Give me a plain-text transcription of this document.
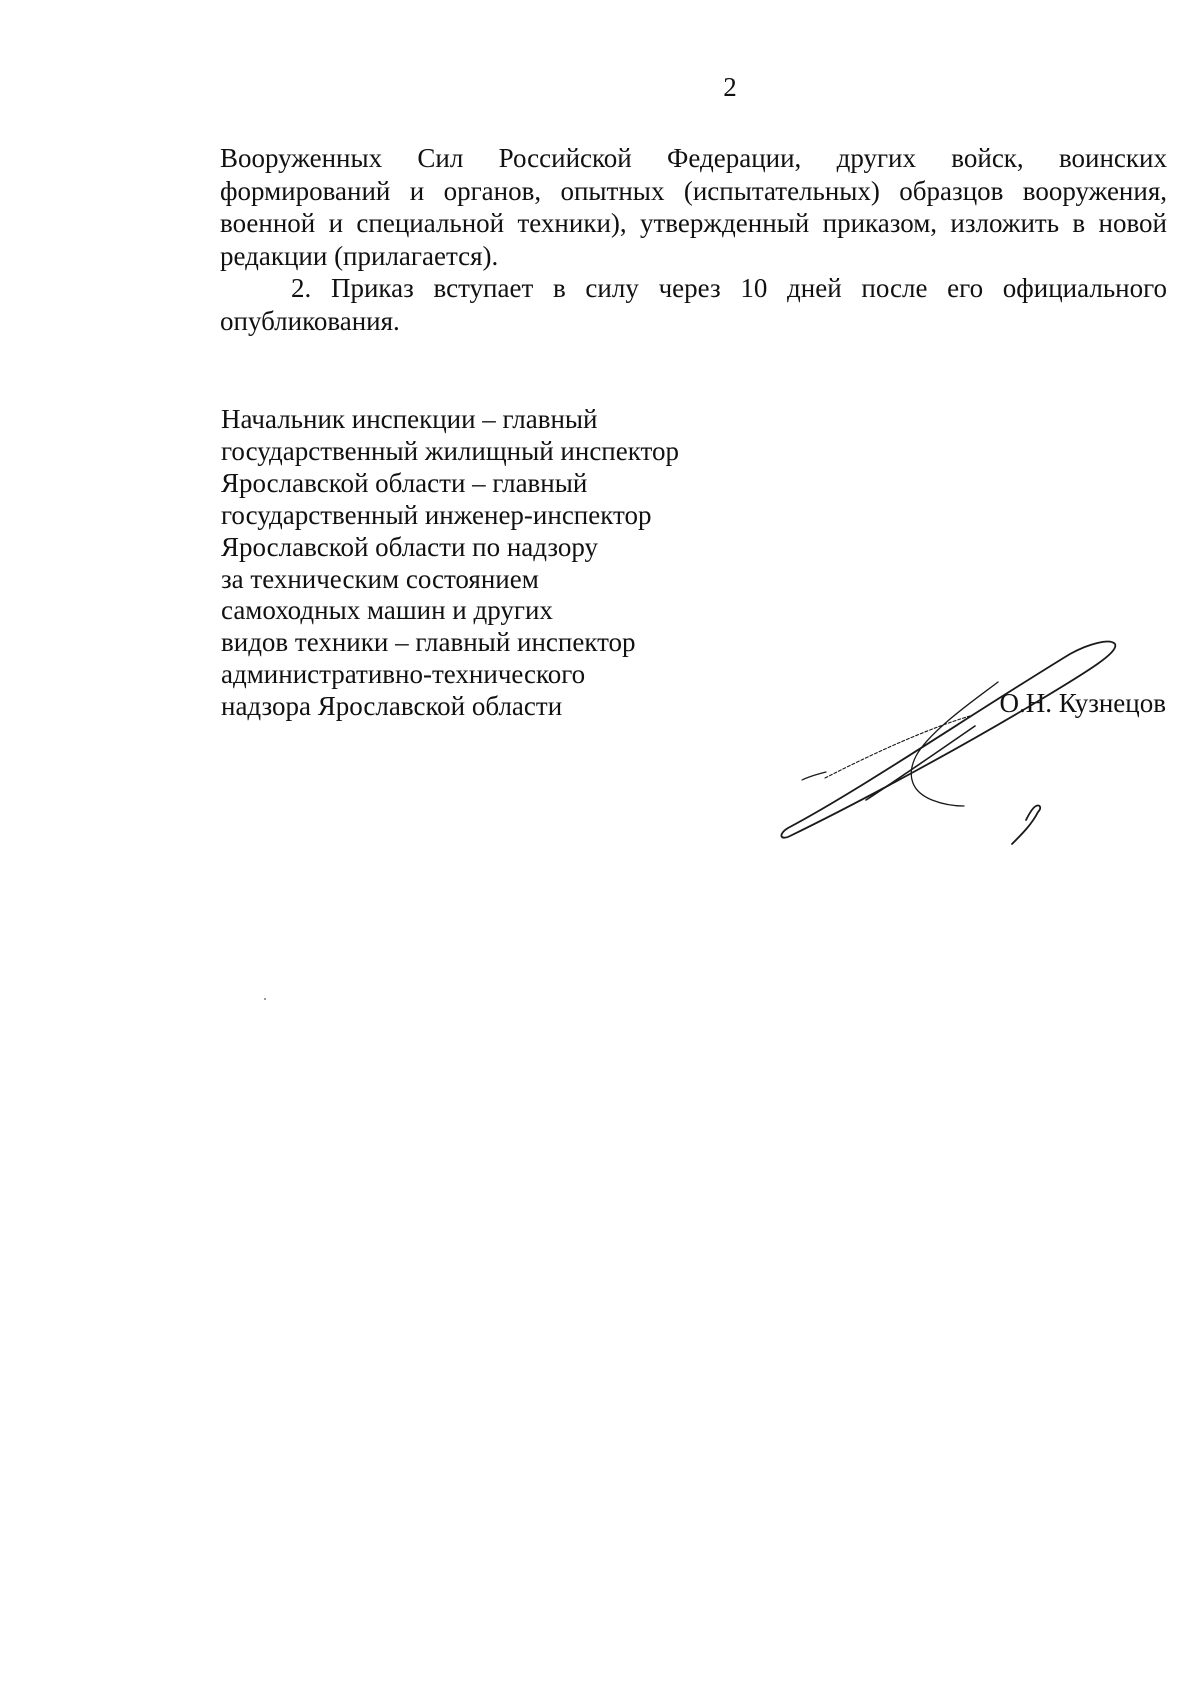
2

Вооруженных Сил Российской Федерации, других войск, воинских формирований и органов, опытных (испытательных) образцов вооружения, военной и специальной техники), утвержденный приказом, изложить в новой редакции (прилагается).

2. Приказ вступает в силу через 10 дней после его официального опубликования.

Начальник инспекции – главный
государственный жилищный инспектор
Ярославской области – главный
государственный инженер-инспектор
Ярославской области по надзору
за техническим состоянием
самоходных машин и других
видов техники – главный инспектор
административно-технического
надзора Ярославской области	О.Н. Кузнецов
